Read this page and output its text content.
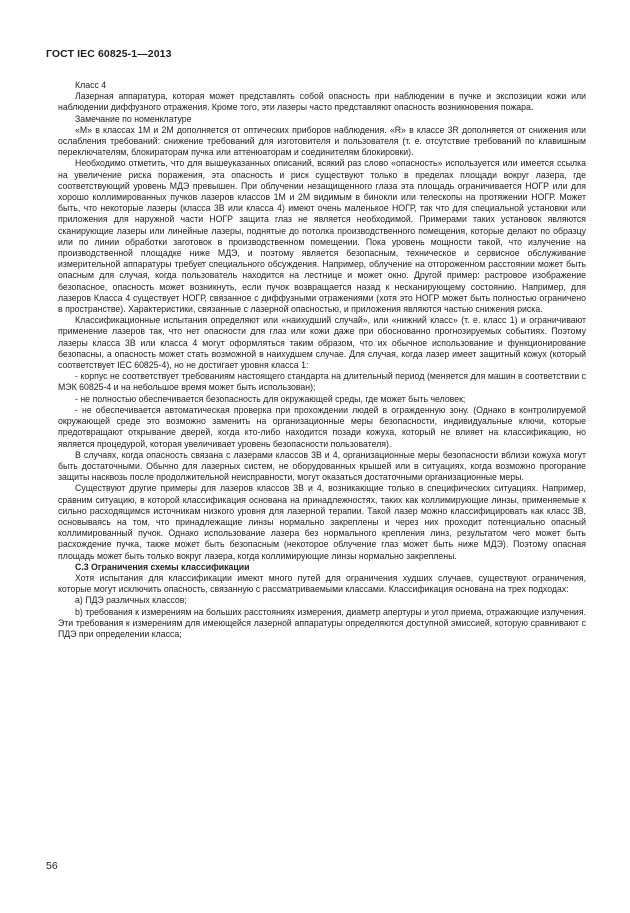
ГОСТ IEC 60825-1—2013

Класс 4

Лазерная аппаратура, которая может представлять собой опасность при наблюдении в пучке и экспозиции кожи или наблюдении диффузного отражения. Кроме того, эти лазеры часто представляют опасность возникновения пожара.

Замечание по номенклатуре

«М» в классах 1М и 2М дополняется от оптических приборов наблюдения. «R» в классе 3R дополняется от снижения или ослабления требований: снижение требований для изготовителя и пользователя (т. е. отсутствие требований по клавишным переключателям, блокираторам пучка или аттенюаторам и соединителям блокировки).

Необходимо отметить, что для вышеуказанных описаний, всякий раз слово «опасность» используется или имеется ссылка на увеличение риска поражения, эта опасность и риск существуют только в пределах площади вокруг лазера, где соответствующий уровень МДЭ превышен. При облучении незащищенного глаза эта площадь ограничивается НОГР или для хорошо коллимированных пучков лазеров классов 1М и 2М видимым в бинокли или телескопы на протяжении НОГР. Может быть, что некоторые лазеры (класса 3В или класса 4) имеют очень маленькое НОГР, так что для специальной установки или приложения для наружной части НОГР защита глаз не является необходимой. Примерами таких установок являются сканирующие лазеры или линейные лазеры, поднятые до потолка производственного помещения, которые делают по образцу или по линии обработки заготовок в производственном помещении. Пока уровень мощности такой, что излучение на производственной площадке ниже МДЭ, и поэтому является безопасным, техническое и сервисное обслуживание измерительной аппаратуры требует специального обсуждения. Например, облучение на отгороженном расстоянии может быть опасным для случая, когда пользователь находится на лестнице и может окно. Другой пример: растровое изображение безопасное, опасность может возникнуть, если пучок возвращается назад к несканирующему состоянию. Например, для лазеров Класса 4 существует НОГР, связанное с диффузными отражениями (хотя это НОГР может быть полностью ограничено в пространстве). Характеристики, связанные с лазерной опасностью, и приложения являются частью снижения риска.

Классификационные испытания определяют или «наихудший случай», или «нижний класс» (т. е. класс 1) и ограничивают применение лазеров так, что нет опасности для глаз или кожи даже при обоснованно прогнозируемых событиях. Поэтому лазеры класса 3В или класса 4 могут оформляться таким образом, что их обычное использование и функционирование безопасны, а опасность может стать возможной в наихудшем случае. Для случая, когда лазер имеет защитный кожух (который соответствует IEC 60825-4), но не достигает уровня класса 1:

- корпус не соответствует требованиям настоящего стандарта на длительный период (меняется для машин в соответствии с МЭК 60825-4 и на небольшое время может быть использован);

- не полностью обеспечивается безопасность для окружающей среды, где может быть человек;

- не обеспечивается автоматическая проверка при прохождении людей в огражденную зону. (Однако в контролируемой окружающей среде это возможно заменить на организационные меры безопасности, индивидуальные ключи, которые предотвращают открывание дверей, когда кто-либо находится позади кожуха, который не влияет на классификацию, но является процедурой, которая увеличивает уровень безопасности пользователя).

В случаях, когда опасность связана с лазерами классов 3В и 4, организационные меры безопасности вблизи кожуха могут быть достаточными. Обычно для лазерных систем, не оборудованных крышей или в ситуациях, когда возможно прогорание защиты насквозь после продолжительной неисправности, могут оказаться достаточными организационные меры.

Существуют другие примеры для лазеров классов 3В и 4, возникающие только в специфических ситуациях. Например, сравним ситуацию, в которой классификация основана на принадлежностях, таких как коллимирующие линзы, применяемые к сильно расходящимся источникам низкого уровня для лазерной терапии. Такой лазер можно классифицировать как класс 3В, основываясь на том, что принадлежащие линзы нормально закреплены и через них проходит потенциально опасный коллимированный пучок. Однако использование лазера без нормального крепления линз, результатом чего может быть расхождение пучка, также может быть безопасным (некоторое облучение глаз может быть ниже МДЭ). Поэтому опасная площадь может быть только вокруг лазера, когда коллимирующие линзы нормально закреплены.

С.3 Ограничения схемы классификации

Хотя испытания для классификации имеют много путей для ограничения худших случаев, существуют ограничения, которые могут исключить опасность, связанную с рассматриваемыми классами. Классификация основана на трех подходах:

a) ПДЭ различных классов;

b) требования к измерениям на больших расстояниях измерения, диаметр апертуры и угол приема, отражающие излучения. Эти требования к измерениям для имеющейся лазерной аппаратуры определяются доступной эмиссией, которую сравнивают с ПДЭ при определении класса;

56
